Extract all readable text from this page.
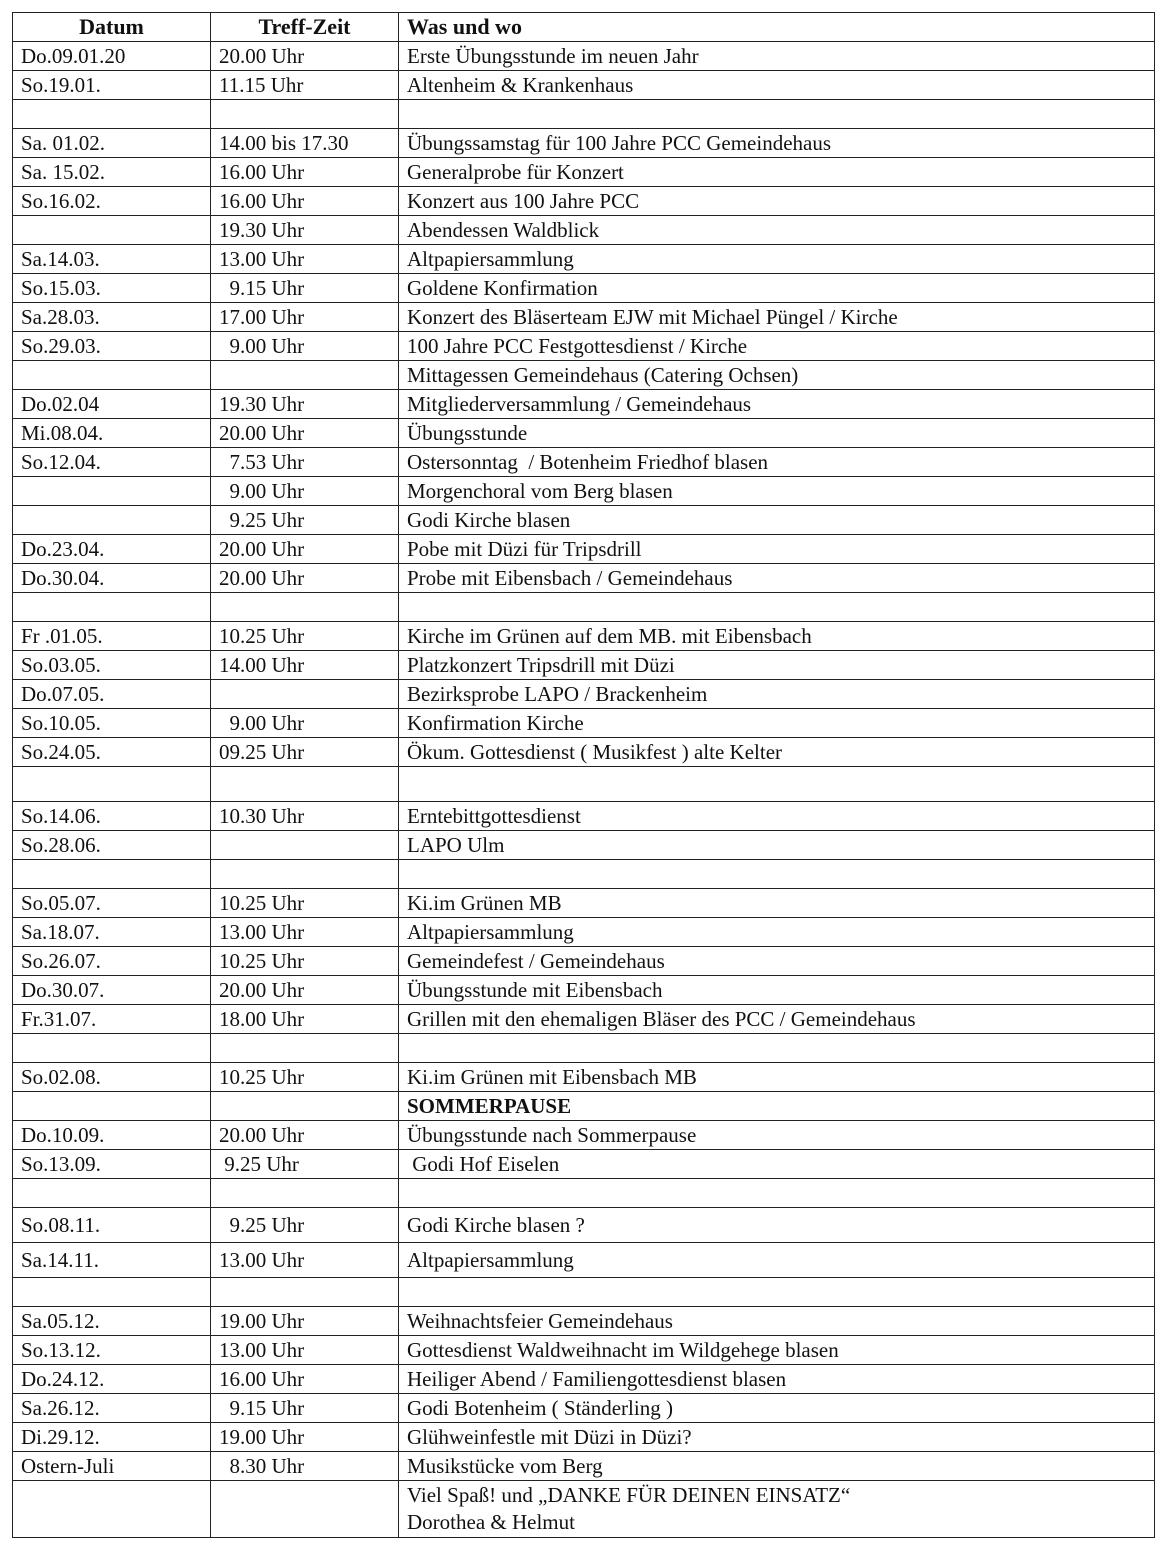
Datum	Treff-Zeit	Was und wo
Do.09.01.20	20.00 Uhr	Erste Übungsstunde im neuen Jahr
So.19.01.	11.15 Uhr	Altenheim & Krankenhaus

Sa. 01.02.	14.00 bis 17.30	Übungssamstag für 100 Jahre PCC Gemeindehaus
Sa. 15.02.	16.00 Uhr	Generalprobe für Konzert
So.16.02.	16.00 Uhr	Konzert aus 100 Jahre PCC
	19.30 Uhr	Abendessen Waldblick
Sa.14.03.	13.00 Uhr	Altpapiersammlung
So.15.03.	9.15 Uhr	Goldene Konfirmation
Sa.28.03.	17.00 Uhr	Konzert des Bläserteam EJW mit Michael Püngel / Kirche
So.29.03.	9.00 Uhr	100 Jahre PCC Festgottesdienst / Kirche
		Mittagessen Gemeindehaus (Catering Ochsen)
Do.02.04	19.30 Uhr	Mitgliederversammlung / Gemeindehaus
Mi.08.04.	20.00 Uhr	Übungsstunde
So.12.04.	7.53 Uhr	Ostersonntag  / Botenheim Friedhof blasen
	9.00 Uhr	Morgenchoral vom Berg blasen
	9.25 Uhr	Godi Kirche blasen
Do.23.04.	20.00 Uhr	Pobe mit Düzi für Tripsdrill
Do.30.04.	20.00 Uhr	Probe mit Eibensbach / Gemeindehaus

Fr .01.05.	10.25 Uhr	Kirche im Grünen auf dem MB. mit Eibensbach
So.03.05.	14.00 Uhr	Platzkonzert Tripsdrill mit Düzi
Do.07.05.		Bezirksprobe LAPO / Brackenheim
So.10.05.	9.00 Uhr	Konfirmation Kirche
So.24.05.	09.25 Uhr	Ökum. Gottesdienst ( Musikfest ) alte Kelter

So.14.06.	10.30 Uhr	Erntebittgottesdienst
So.28.06.		LAPO Ulm

So.05.07.	10.25 Uhr	Ki.im Grünen MB
Sa.18.07.	13.00 Uhr	Altpapiersammlung
So.26.07.	10.25 Uhr	Gemeindefest / Gemeindehaus
Do.30.07.	20.00 Uhr	Übungsstunde mit Eibensbach
Fr.31.07.	18.00 Uhr	Grillen mit den ehemaligen Bläser des PCC / Gemeindehaus

So.02.08.	10.25 Uhr	Ki.im Grünen mit Eibensbach MB
		SOMMERPAUSE
Do.10.09.	20.00 Uhr	Übungsstunde nach Sommerpause
So.13.09.	9.25 Uhr	Godi Hof Eiselen

So.08.11.	9.25 Uhr	Godi Kirche blasen ?
Sa.14.11.	13.00 Uhr	Altpapiersammlung

Sa.05.12.	19.00 Uhr	Weihnachtsfeier Gemeindehaus
So.13.12.	13.00 Uhr	Gottesdienst Waldweihnacht im Wildgehege blasen
Do.24.12.	16.00 Uhr	Heiliger Abend / Familiengottesdienst blasen
Sa.26.12.	9.15 Uhr	Godi Botenheim ( Ständerling )
Di.29.12.	19.00 Uhr	Glühweinfestle mit Düzi in Düzi?
Ostern-Juli	8.30 Uhr	Musikstücke vom Berg

		Viel Spaß! und „DANKE FÜR DEINEN EINSATZ“
Dorothea & Helmut
